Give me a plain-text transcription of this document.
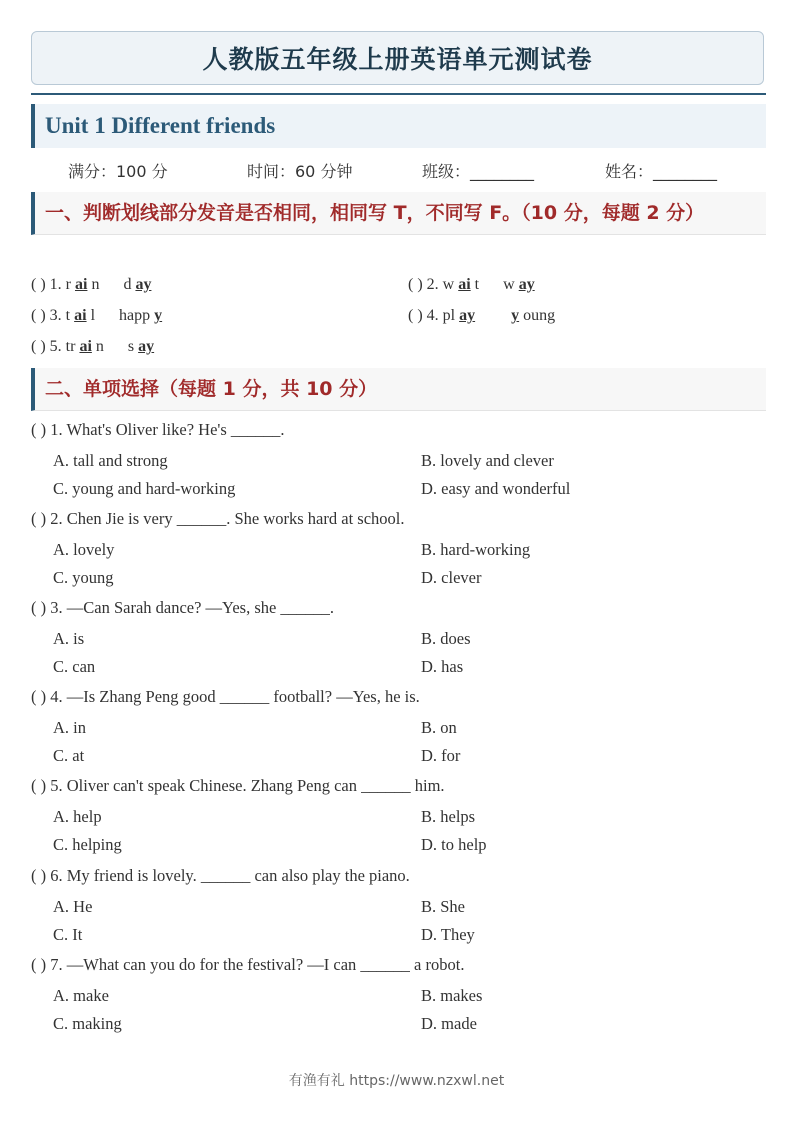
人教版五年级上册英语单元测试卷
Unit 1 Different friends
满分：100 分	时间：60 分钟	班级：________	姓名：________
一、判断划线部分发音是否相同，相同写 T，不同写 F。（10 分，每题 2 分）
( ) 1. r ai n d ay	( ) 2. w ai t w ay
( ) 3. t ai l happ y	( ) 4. pl ay y oung
( ) 5. tr ai n s ay
二、单项选择（每题 1 分，共 10 分）
( ) 1. What's Oliver like? He's ______.
A. tall and strong	B. lovely and clever
C. young and hard-working	D. easy and wonderful
( ) 2. Chen Jie is very ______. She works hard at school.
A. lovely	B. hard-working
C. young	D. clever
( ) 3. —Can Sarah dance? —Yes, she ______.
A. is	B. does
C. can	D. has
( ) 4. —Is Zhang Peng good ______ football? —Yes, he is.
A. in	B. on
C. at	D. for
( ) 5. Oliver can't speak Chinese. Zhang Peng can ______ him.
A. help	B. helps
C. helping	D. to help
( ) 6. My friend is lovely. ______ can also play the piano.
A. He	B. She
C. It	D. They
( ) 7. —What can you do for the festival? —I can ______ a robot.
A. make	B. makes
C. making	D. made
有渔有礼 https://www.nzxwl.net
